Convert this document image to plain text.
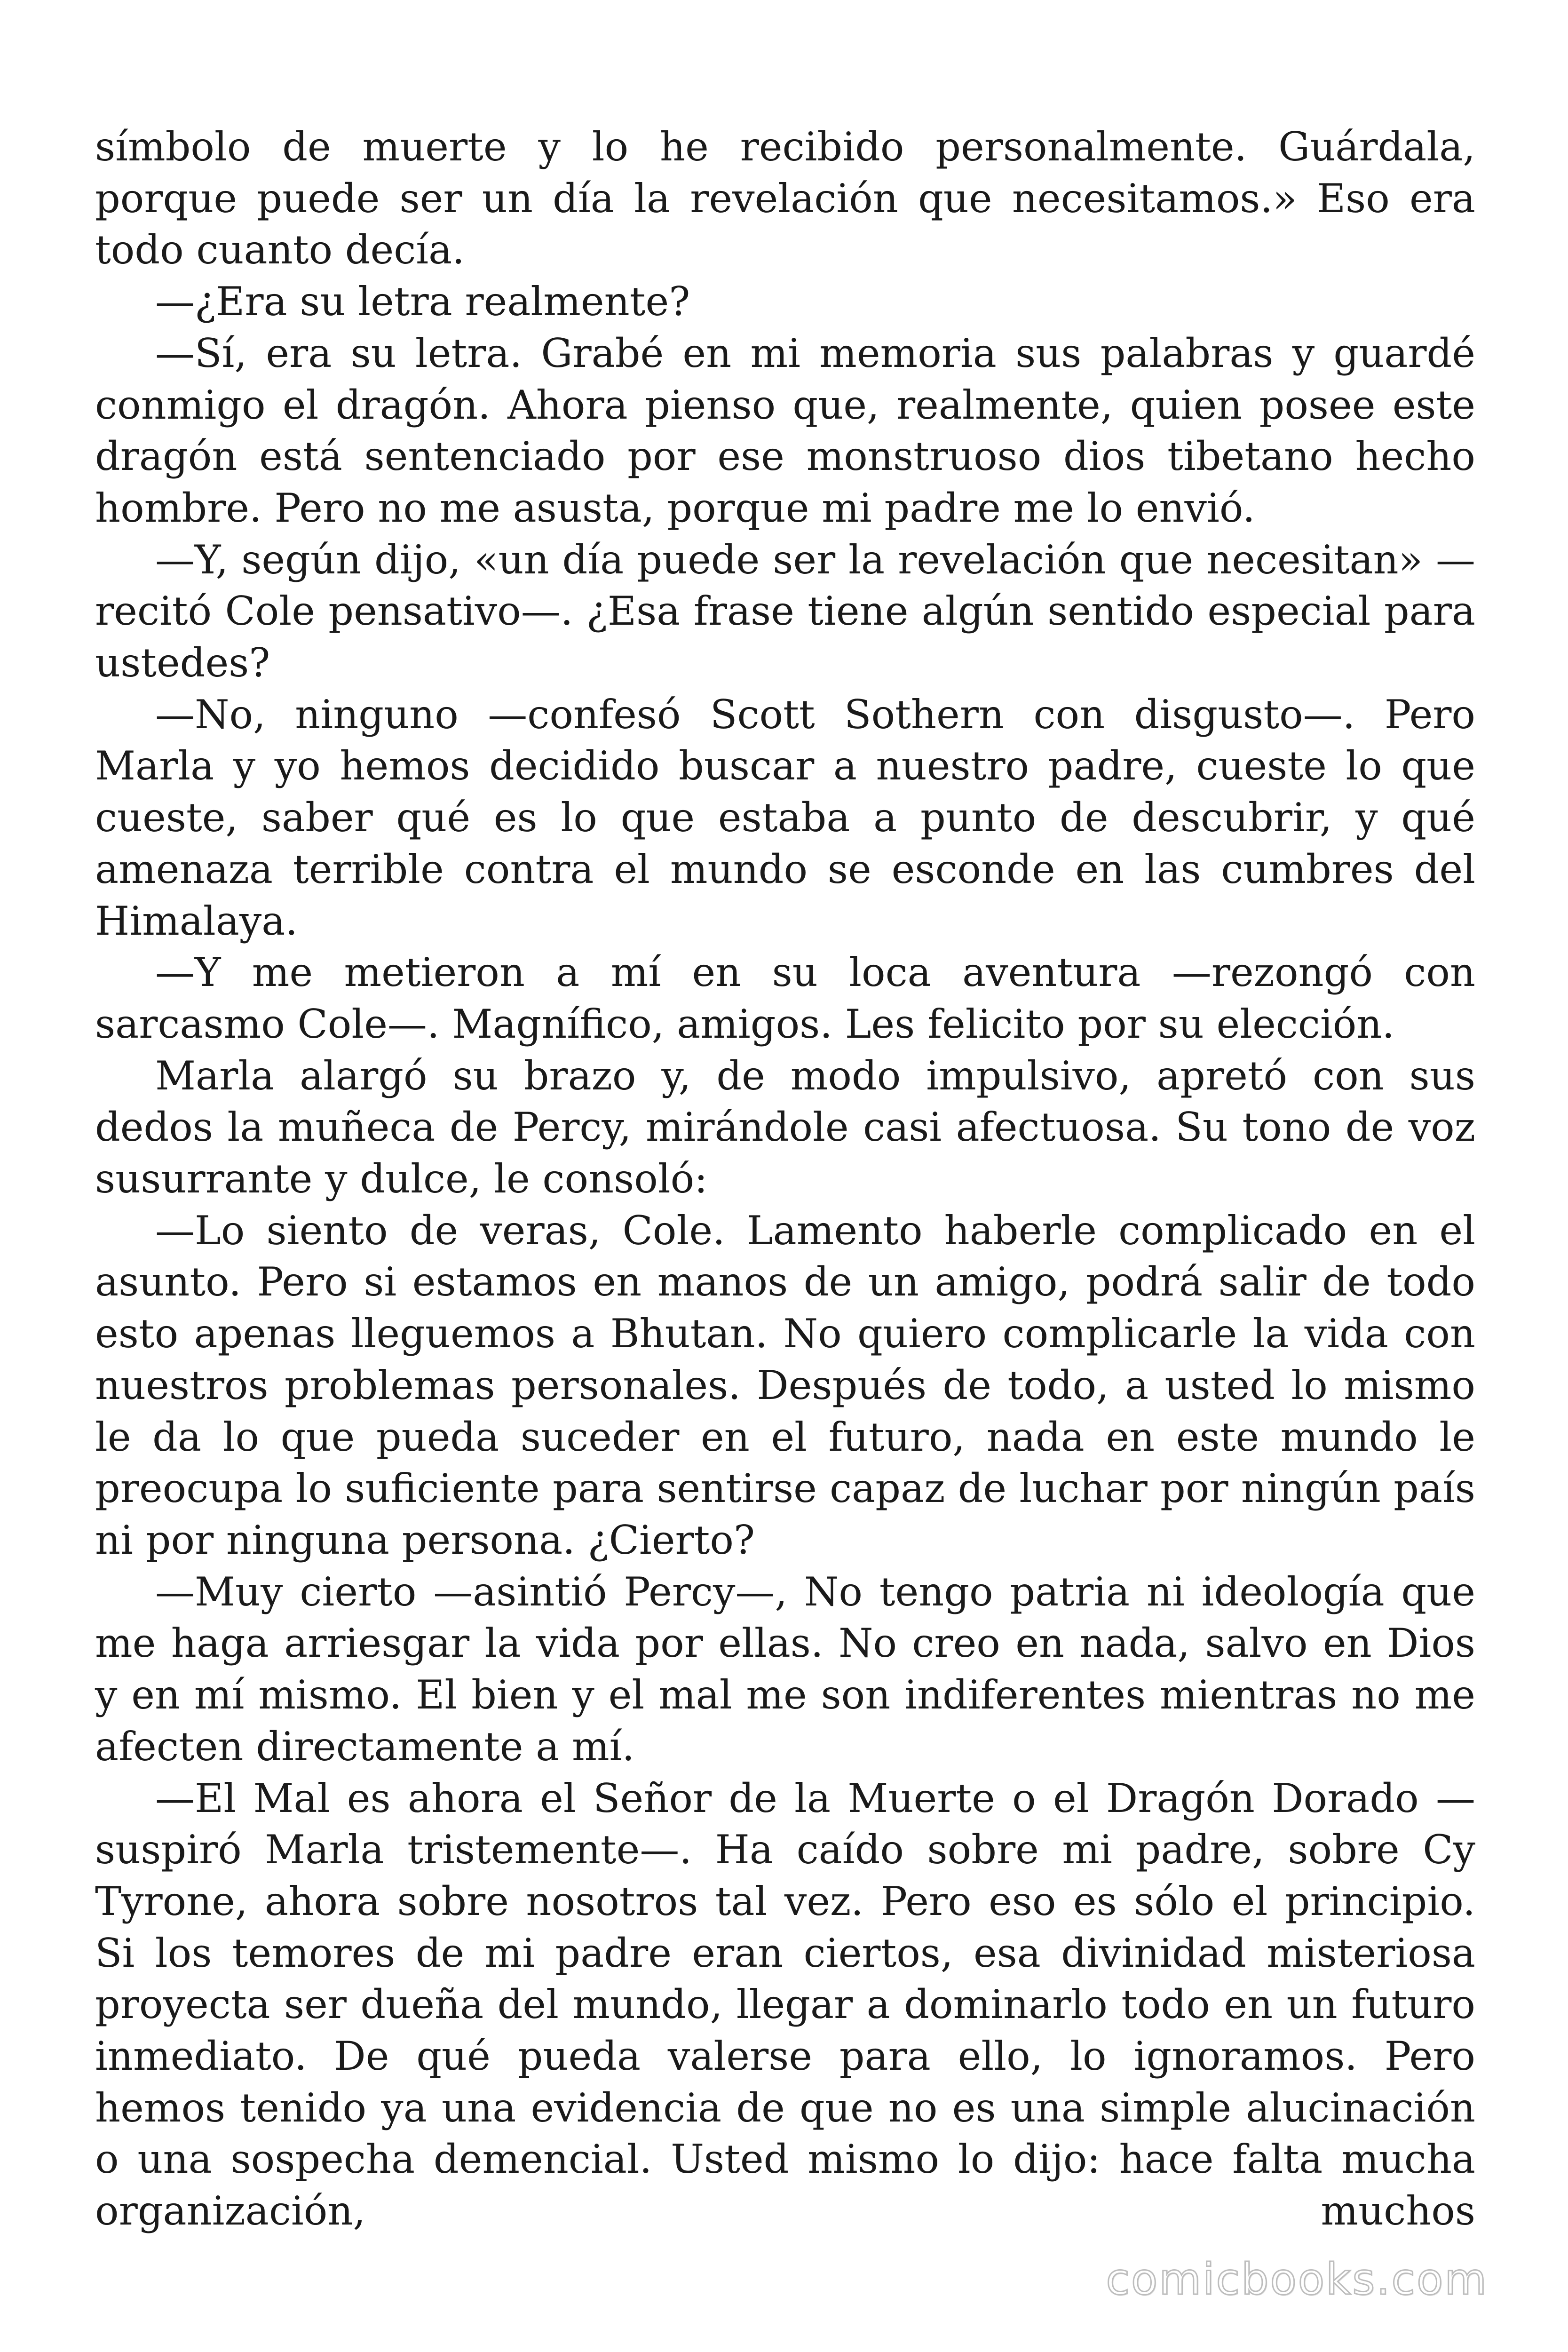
símbolo de muerte y lo he recibido personalmente. Guárdala, porque puede ser un día la revelación que necesitamos.» Eso era todo cuanto decía.

—¿Era su letra realmente?

—Sí, era su letra. Grabé en mi memoria sus palabras y guardé conmigo el dragón. Ahora pienso que, realmente, quien posee este dragón está sentenciado por ese monstruoso dios tibetano hecho hombre. Pero no me asusta, porque mi padre me lo envió.

—Y, según dijo, «un día puede ser la revelación que necesitan» —recitó Cole pensativo—. ¿Esa frase tiene algún sentido especial para ustedes?

—No, ninguno —confesó Scott Sothern con disgusto—. Pero Marla y yo hemos decidido buscar a nuestro padre, cueste lo que cueste, saber qué es lo que estaba a punto de descubrir, y qué amenaza terrible contra el mundo se esconde en las cumbres del Himalaya.

—Y me metieron a mí en su loca aventura —rezongó con sarcasmo Cole—. Magnífico, amigos. Les felicito por su elección.

Marla alargó su brazo y, de modo impulsivo, apretó con sus dedos la muñeca de Percy, mirándole casi afectuosa. Su tono de voz susurrante y dulce, le consoló:

—Lo siento de veras, Cole. Lamento haberle complicado en el asunto. Pero si estamos en manos de un amigo, podrá salir de todo esto apenas lleguemos a Bhutan. No quiero complicarle la vida con nuestros problemas personales. Después de todo, a usted lo mismo le da lo que pueda suceder en el futuro, nada en este mundo le preocupa lo suficiente para sentirse capaz de luchar por ningún país ni por ninguna persona. ¿Cierto?

—Muy cierto —asintió Percy—, No tengo patria ni ideología que me haga arriesgar la vida por ellas. No creo en nada, salvo en Dios y en mí mismo. El bien y el mal me son indiferentes mientras no me afecten directamente a mí.

—El Mal es ahora el Señor de la Muerte o el Dragón Dorado —suspiró Marla tristemente—. Ha caído sobre mi padre, sobre Cy Tyrone, ahora sobre nosotros tal vez. Pero eso es sólo el principio. Si los temores de mi padre eran ciertos, esa divinidad misteriosa proyecta ser dueña del mundo, llegar a dominarlo todo en un futuro inmediato. De qué pueda valerse para ello, lo ignoramos. Pero hemos tenido ya una evidencia de que no es una simple alucinación o una sospecha demencial. Usted mismo lo dijo: hace falta mucha organización, muchos

comicbooks.com
